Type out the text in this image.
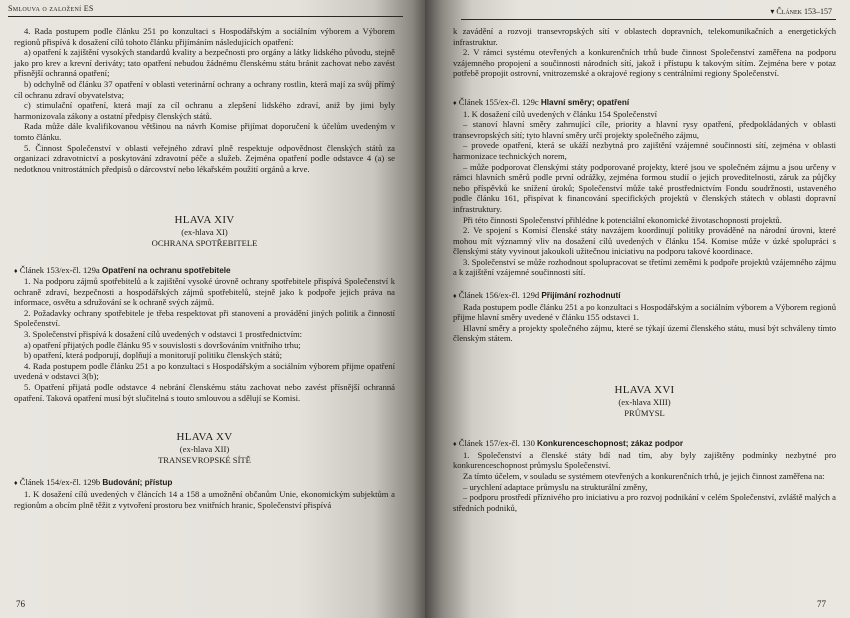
Smlouva o založení ES

4. Rada postupem podle článku 251 po konzultaci s Hospodářským a sociálním výborem a Výborem regionů přispívá k dosažení cílů tohoto článku přijímáním následujících opatření:

a) opatření k zajištění vysokých standardů kvality a bezpečnosti pro orgány a látky lidského původu, stejně jako pro krev a krevní deriváty; tato opatření nebudou žádnému členskému státu bránit zachovat nebo zavést přísnější ochranná opatření;

b) odchylně od článku 37 opatření v oblasti veterinární ochrany a ochrany rostlin, která mají za svůj přímý cíl ochranu zdraví obyvatelstva;

c) stimulační opatření, která mají za cíl ochranu a zlepšení lidského zdraví, aniž by jimi byly harmonizovala zákony a ostatní předpisy členských států.

Rada může dále kvalifikovanou většinou na návrh Komise přijímat doporučení k účelům uvedeným v tomto článku.

5. Činnost Společenství v oblasti veřejného zdraví plně respektuje odpovědnost členských států za organizaci zdravotnictví a poskytování zdravotní péče a služeb. Zejména opatření podle odstavce 4 (a) se nedotknou vnitrostátních předpisů o dárcovství nebo lékařském použití orgánů a krve.

HLAVA XIV
(ex-hlava XI)
OCHRANA SPOTŘEBITELE
♦ Článek 153/ex-čl. 129a Opatření na ochranu spotřebitele

1. Na podporu zájmů spotřebitelů a k zajištění vysoké úrovně ochrany spotřebitele přispívá Společenství k ochraně zdraví, bezpečnosti a hospodářských zájmů spotřebitelů, stejně jako k podpoře jejich práva na informace, osvětu a sdružování se k ochraně svých zájmů.

2. Požadavky ochrany spotřebitele je třeba respektovat při stanovení a provádění jiných politik a činností Společenství.

3. Společenství přispívá k dosažení cílů uvedených v odstavci 1 prostřednictvím:

a) opatření přijatých podle článku 95 v souvislosti s dovršováním vnitřního trhu;

b) opatření, která podporují, doplňují a monitorují politiku členských států;

4. Rada postupem podle článku 251 a po konzultaci s Hospodářským a sociálním výborem přijme opatření uvedená v odstavci 3(b);

5. Opatření přijatá podle odstavce 4 nebrání členskému státu zachovat nebo zavést přísnější ochranná opatření. Taková opatření musí být slučitelná s touto smlouvou a sdělují se Komisi.

HLAVA XV
(ex-hlava XII)
TRANSEVROPSKÉ SÍTĚ
♦ Článek 154/ex-čl. 129b Budování; přístup

1. K dosažení cílů uvedených v článcích 14 a 158 a umožnění občanům Unie, ekonomickým subjektům a regionům a obcím plně těžit z vytvoření prostoru bez vnitřních hranic, Společenství přispívá

76
▾ Článek 153–157

k zavádění a rozvoji transevropských sítí v oblastech dopravních, telekomunikačních a energetických infrastruktur.

2. V rámci systému otevřených a konkurenčních trhů bude činnost Společenství zaměřena na podporu vzájemného propojení a součinnosti národních sítí, jakož i přístupu k takovým sítím. Zejména bere v potaz potřebě propojit ostrovní, vnitrozemské a okrajové regiony s centrálními regiony Společenství.

♦ Článek 155/ex-čl. 129c Hlavní směry; opatření

1. K dosažení cílů uvedených v článku 154 Společenství

– stanoví hlavní směry zahrnující cíle, priority a hlavní rysy opatření, předpokládaných v oblasti transevropských sítí; tyto hlavní směry určí projekty společného zájmu,

– provede opatření, která se ukáží nezbytná pro zajištění vzájemné součinnosti sítí, zejména v oblasti harmonizace technických norem,

– může podporovat členskými státy podporované projekty, které jsou ve společném zájmu a jsou určeny v rámci hlavních směrů podle první odrážky, zejména formou studií o jejich proveditelnosti, záruk za půjčky nebo příspěvků ke snížení úroků; Společenství může také prostřednictvím Fondu soudržnosti, ustaveného podle článku 161, přispívat k financování specifických projektů v členských státech v oblasti dopravní infrastruktury.

Při této činnosti Společenství přihlédne k potenciální ekonomické životaschopnosti projektů.

2. Ve spojení s Komisí členské státy navzájem koordinují politiky prováděné na národní úrovni, které mohou mít významný vliv na dosažení cílů uvedených v článku 154. Komise může v úzké spolupráci s členskými státy vyvinout jakoukoli užitečnou iniciativu na podporu takové koordinace.

3. Společenství se může rozhodnout spolupracovat se třetími zeměmi k podpoře projektů vzájemného zájmu a k zajištění vzájemné součinnosti sítí.

♦ Článek 156/ex-čl. 129d Přijímání rozhodnutí

Rada postupem podle článku 251 a po konzultaci s Hospodářským a sociálním výborem a Výborem regionů přijme hlavní směry uvedené v článku 155 odstavci 1.

Hlavní směry a projekty společného zájmu, které se týkají území členského státu, musí být schváleny tímto členským státem.

HLAVA XVI
(ex-hlava XIII)
PRŮMYSL
♦ Článek 157/ex-čl. 130 Konkurenceschopnost; zákaz podpor

1. Společenství a členské státy bdí nad tím, aby byly zajištěny podmínky nezbytné pro konkurenceschopnost průmyslu Společenství.

Za tímto účelem, v souladu se systémem otevřených a konkurenčních trhů, je jejich činnost zaměřena na:

– urychlení adaptace průmyslu na strukturální změny,

– podporu prostředí příznivého pro iniciativu a pro rozvoj podnikání v celém Společenství, zvláště malých a středních podniků,

77
